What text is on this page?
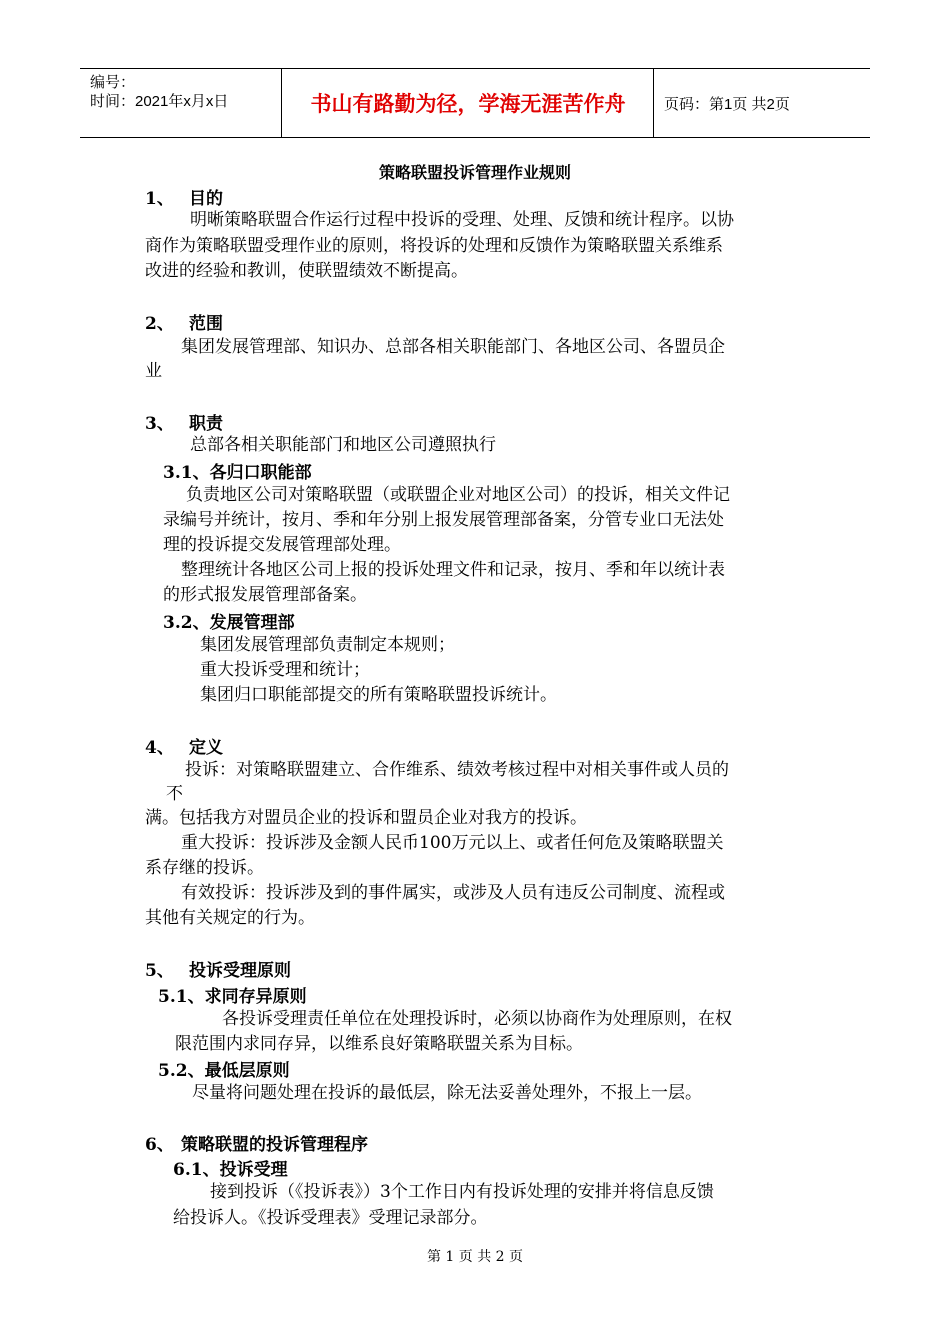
编号：
时间：2021年x月x日	书山有路勤为径，学海无涯苦作舟	页码：第1页 共2页
策略联盟投诉管理作业规则
1、 目的
明晰策略联盟合作运行过程中投诉的受理、处理、反馈和统计程序。以协
商作为策略联盟受理作业的原则，将投诉的处理和反馈作为策略联盟关系维系
改进的经验和教训，使联盟绩效不断提高。
2、 范围
集团发展管理部、知识办、总部各相关职能部门、各地区公司、各盟员企
业
3、 职责
总部各相关职能部门和地区公司遵照执行
3.1、各归口职能部
负责地区公司对策略联盟（或联盟企业对地区公司）的投诉，相关文件记
录编号并统计，按月、季和年分别上报发展管理部备案，分管专业口无法处
理的投诉提交发展管理部处理。
整理统计各地区公司上报的投诉处理文件和记录，按月、季和年以统计表
的形式报发展管理部备案。
3.2、发展管理部
集团发展管理部负责制定本规则；
重大投诉受理和统计；
集团归口职能部提交的所有策略联盟投诉统计。
4、 定义
投诉：对策略联盟建立、合作维系、绩效考核过程中对相关事件或人员的
不
满。包括我方对盟员企业的投诉和盟员企业对我方的投诉。
重大投诉：投诉涉及金额人民币100万元以上、或者任何危及策略联盟关
系存继的投诉。
有效投诉：投诉涉及到的事件属实，或涉及人员有违反公司制度、流程或
其他有关规定的行为。
5、 投诉受理原则
5.1、求同存异原则
各投诉受理责任单位在处理投诉时，必须以协商作为处理原则，在权
限范围内求同存异，以维系良好策略联盟关系为目标。
5.2、最低层原则
尽量将问题处理在投诉的最低层，除无法妥善处理外，不报上一层。
6、 策略联盟的投诉管理程序
6.1、投诉受理
接到投诉（《投诉表》）3个工作日内有投诉处理的安排并将信息反馈
给投诉人。《投诉受理表》受理记录部分。
第 1 页 共 2 页
